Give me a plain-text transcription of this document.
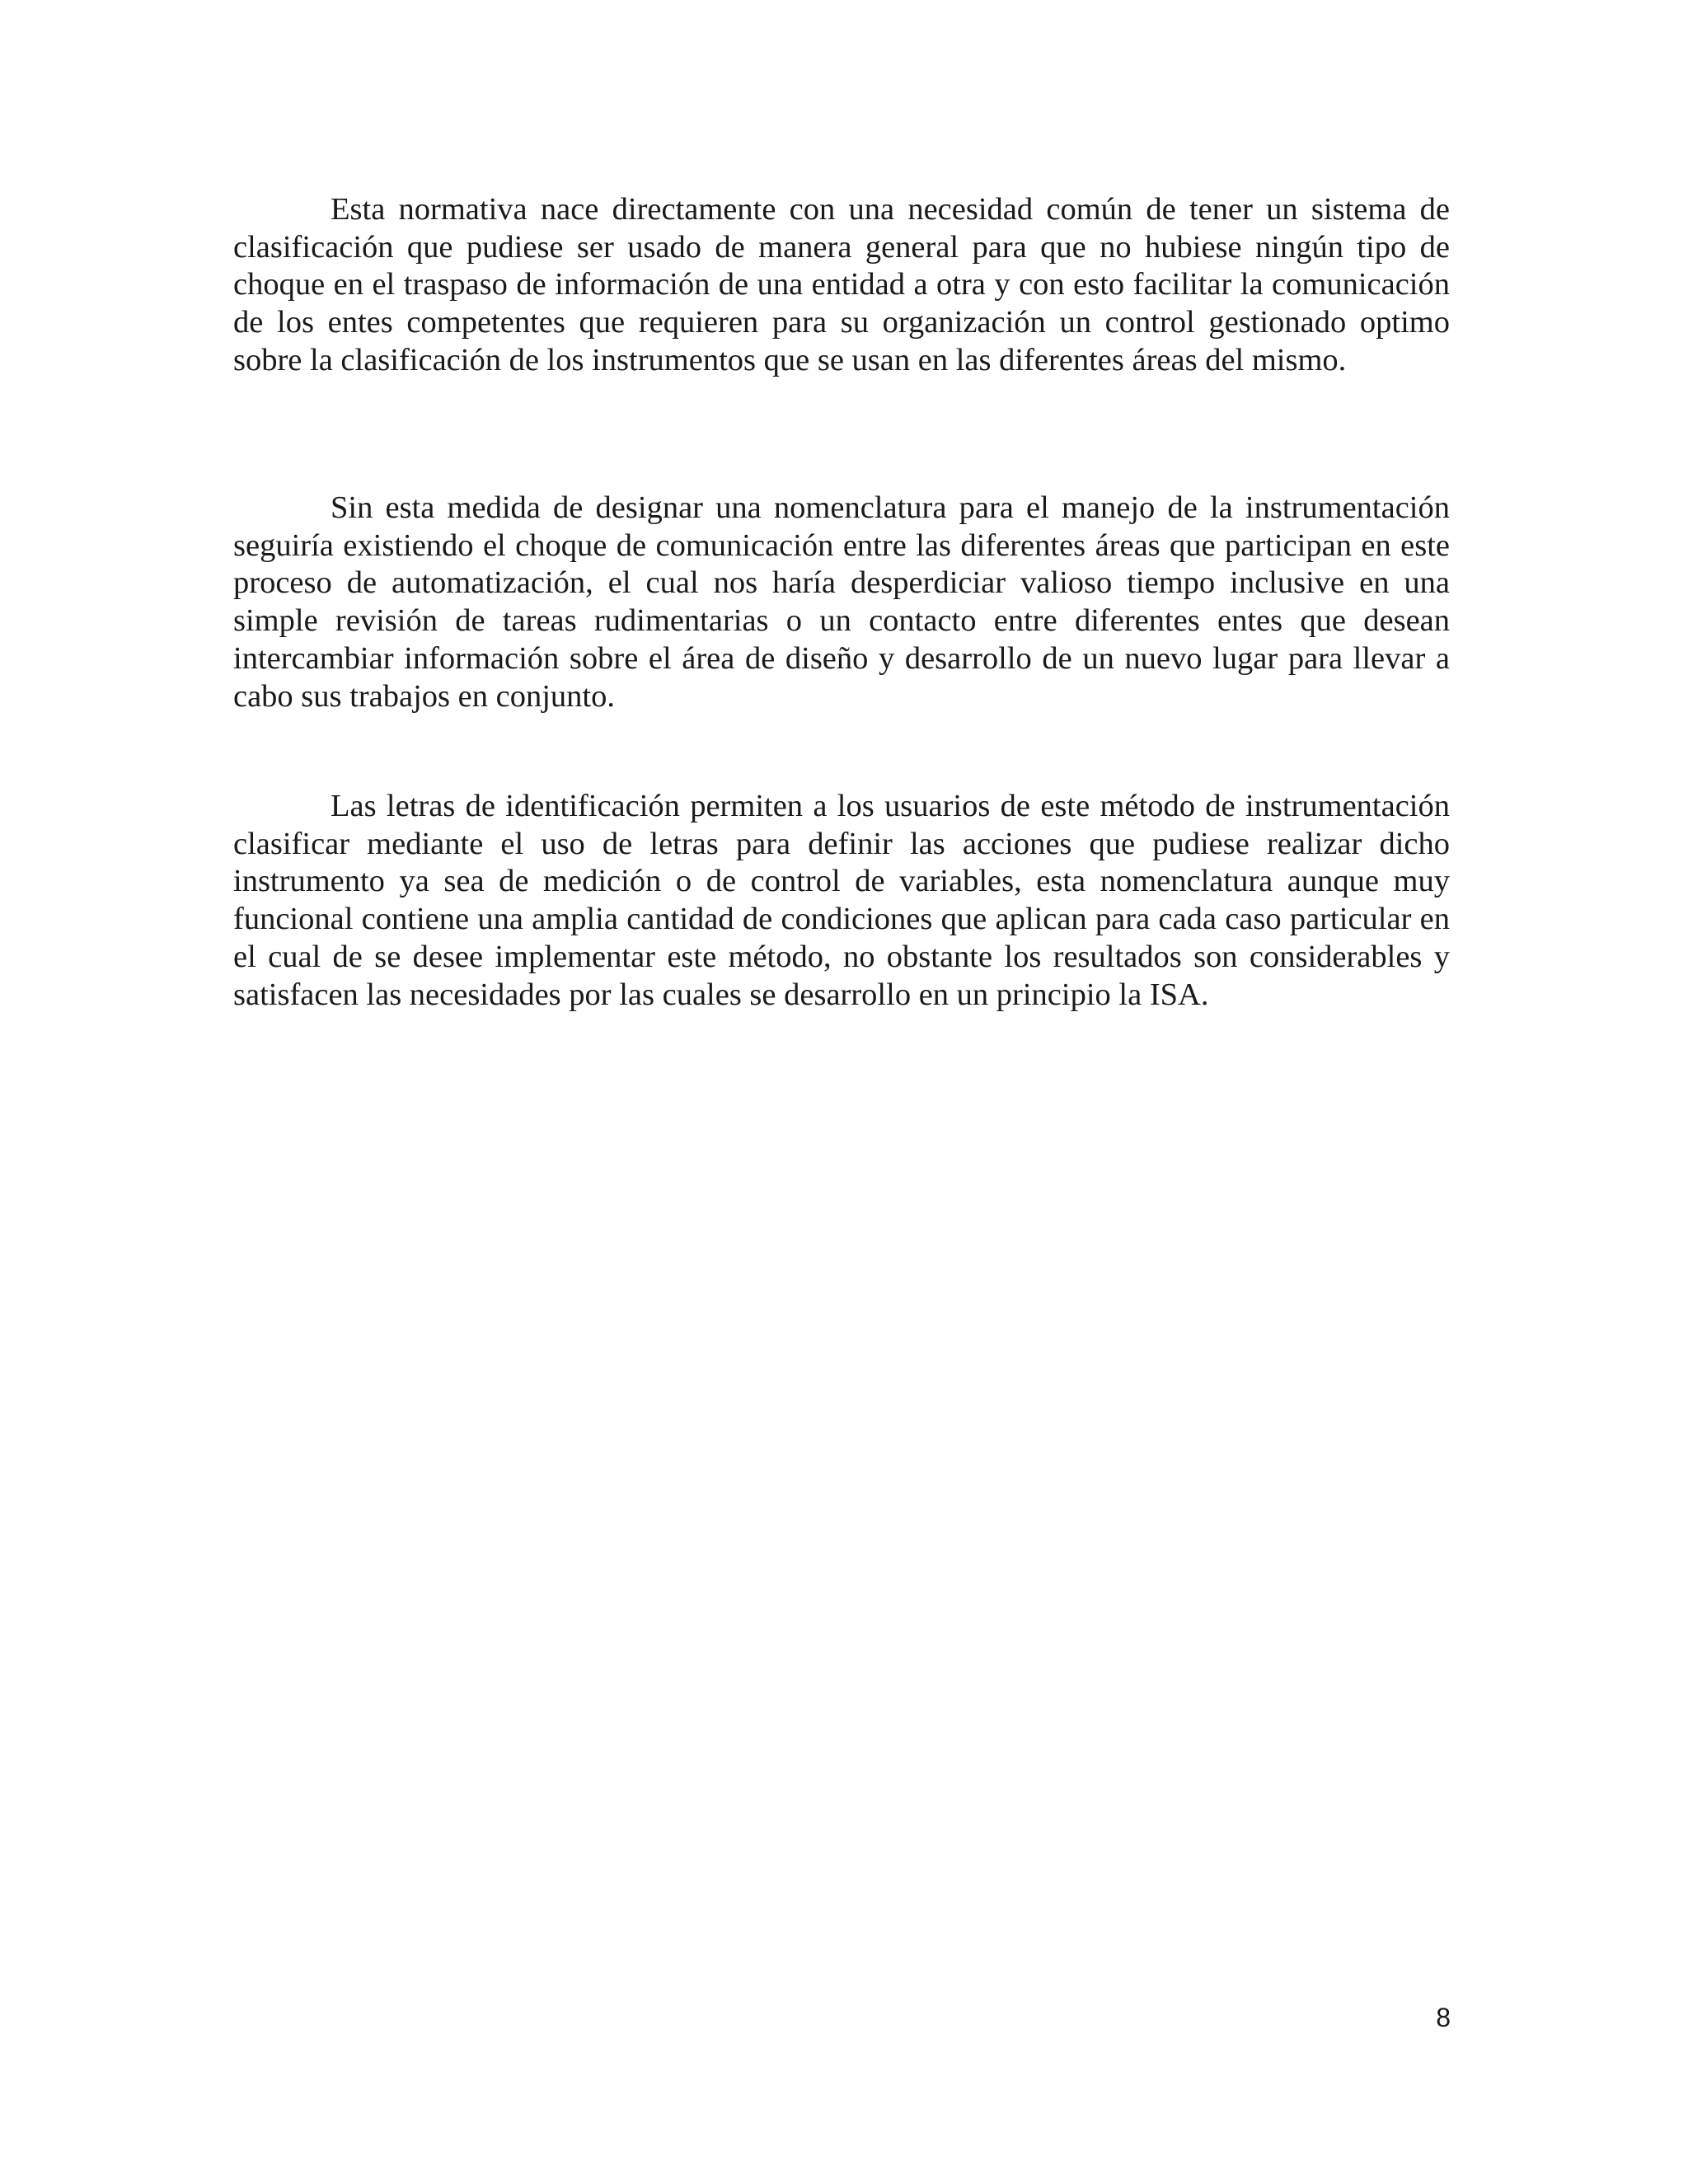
Esta normativa nace directamente con una necesidad común de tener un sistema de clasificación que pudiese ser usado de manera general para que no hubiese ningún tipo de choque en el traspaso de información de una entidad a otra y con esto facilitar la comunicación de los entes competentes que requieren para su organización un control gestionado optimo sobre la clasificación de los instrumentos que se usan en las diferentes áreas del mismo.

Sin esta medida de designar una nomenclatura para el manejo de la instrumentación seguiría existiendo el choque de comunicación entre las diferentes áreas que participan en este proceso de automatización, el cual nos haría desperdiciar valioso tiempo inclusive en una simple revisión de tareas rudimentarias o un contacto entre diferentes entes que desean intercambiar información sobre el área de diseño y desarrollo de un nuevo lugar para llevar a cabo sus trabajos en conjunto.

Las letras de identificación permiten a los usuarios de este método de instrumentación clasificar mediante el uso de letras para definir las acciones que pudiese realizar dicho instrumento ya sea de medición o de control de variables, esta nomenclatura aunque muy funcional contiene una amplia cantidad de condiciones que aplican para cada caso particular en el cual de se desee implementar este método, no obstante los resultados son considerables y satisfacen las necesidades por las cuales se desarrollo en un principio la ISA.

8
